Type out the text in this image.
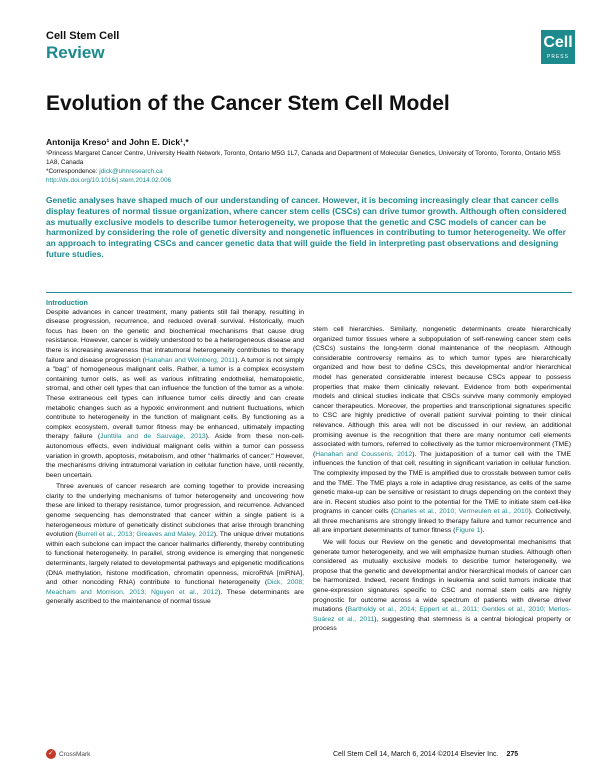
Cell Stem Cell
Review
Cell
PRESS
Evolution of the Cancer Stem Cell Model
Antonija Kreso¹ and John E. Dick¹,*
¹Princess Margaret Cancer Centre, University Health Network, Toronto, Ontario M5G 1L7, Canada and Department of Molecular Genetics, University of Toronto, Toronto, Ontario M5S 1A8, Canada
*Correspondence: jdick@uhnresearch.ca
http://dx.doi.org/10.1016/j.stem.2014.02.006
Genetic analyses have shaped much of our understanding of cancer. However, it is becoming increasingly clear that cancer cells display features of normal tissue organization, where cancer stem cells (CSCs) can drive tumor growth. Although often considered as mutually exclusive models to describe tumor heterogeneity, we propose that the genetic and CSC models of cancer can be harmonized by considering the role of genetic diversity and nongenetic influences in contributing to tumor heterogeneity. We offer an approach to integrating CSCs and cancer genetic data that will guide the field in interpreting past observations and designing future studies.
Introduction

Despite advances in cancer treatment, many patients still fail therapy, resulting in disease progression, recurrence, and reduced overall survival. Historically, much focus has been on the genetic and biochemical mechanisms that cause drug resistance. However, cancer is widely understood to be a heterogeneous disease and there is increasing awareness that intratumoral heterogeneity contributes to therapy failure and disease progression (Hanahan and Weinberg, 2011). A tumor is not simply a "bag" of homogeneous malignant cells. Rather, a tumor is a complex ecosystem containing tumor cells, as well as various infiltrating endothelial, hematopoietic, stromal, and other cell types that can influence the function of the tumor as a whole. These extraneous cell types can influence tumor cells directly and can create metabolic changes such as a hypoxic environment and nutrient fluctuations, which contribute to heterogeneity in the function of malignant cells. By functioning as a complex ecosystem, overall tumor fitness may be enhanced, ultimately impacting therapy failure (Junttila and de Sauvage, 2013). Aside from these non-cell-autonomous effects, even individual malignant cells within a tumor can possess variation in growth, apoptosis, metabolism, and other "hallmarks of cancer." However, the mechanisms driving intratumoral variation in cellular function have, until recently, been uncertain.

Three avenues of cancer research are coming together to provide increasing clarity to the underlying mechanisms of tumor heterogeneity and uncovering how these are linked to therapy resistance, tumor progression, and recurrence. Advanced genome sequencing has demonstrated that cancer within a single patient is a heterogeneous mixture of genetically distinct subclones that arise through branching evolution (Burrell et al., 2013; Greaves and Maley, 2012). The unique driver mutations within each subclone can impact the cancer hallmarks differently, thereby contributing to functional heterogeneity. In parallel, strong evidence is emerging that nongenetic determinants, largely related to developmental pathways and epigenetic modifications (DNA methylation, histone modification, chromatin openness, microRNA [miRNA], and other noncoding RNA) contribute to functional heterogeneity (Dick, 2008; Meacham and Morrison, 2013; Nguyen et al., 2012). These determinants are generally ascribed to the maintenance of normal tissue

stem cell hierarchies. Similarly, nongenetic determinants create hierarchically organized tumor tissues where a subpopulation of self-renewing cancer stem cells (CSCs) sustains the long-term clonal maintenance of the neoplasm. Although considerable controversy remains as to which tumor types are hierarchically organized and how best to define CSCs, this developmental and/or hierarchical model has generated considerable interest because CSCs appear to possess properties that make them clinically relevant. Evidence from both experimental models and clinical studies indicate that CSCs survive many commonly employed cancer therapeutics. Moreover, the properties and transcriptional signatures specific to CSC are highly predictive of overall patient survival pointing to their clinical relevance. Although this area will not be discussed in our review, an additional promising avenue is the recognition that there are many nontumor cell elements associated with tumors, referred to collectively as the tumor microenvironment (TME) (Hanahan and Coussens, 2012). The juxtaposition of a tumor cell with the TME influences the function of that cell, resulting in significant variation in cellular function. The complexity imposed by the TME is amplified due to crosstalk between tumor cells and the TME. The TME plays a role in adaptive drug resistance, as cells of the same genetic make-up can be sensitive or resistant to drugs depending on the context they are in. Recent studies also point to the potential for the TME to initiate stem cell-like programs in cancer cells (Charles et al., 2010; Vermeulen et al., 2010). Collectively, all three mechanisms are strongly linked to therapy failure and tumor recurrence and all are important determinants of tumor fitness (Figure 1).

We will focus our Review on the genetic and developmental mechanisms that generate tumor heterogeneity, and we will emphasize human studies. Although often considered as mutually exclusive models to describe tumor heterogeneity, we propose that the genetic and developmental and/or hierarchical models of cancer can be harmonized. Indeed, recent findings in leukemia and solid tumors indicate that gene-expression signatures specific to CSC and normal stem cells are highly prognostic for outcome across a wide spectrum of patients with diverse driver mutations (Bartholdy et al., 2014; Eppert et al., 2011; Gentles et al., 2010; Merlos-Suárez et al., 2011), suggesting that stemness is a central biological property or process

✓
CrossMark	Cell Stem Cell 14, March 6, 2014 ©2014 Elsevier Inc. 275
